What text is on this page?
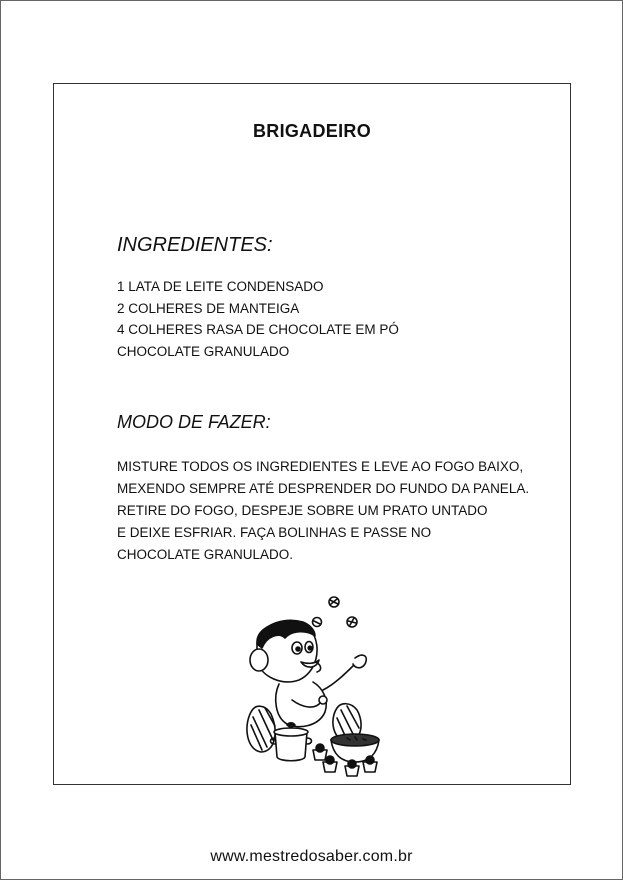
BRIGADEIRO
INGREDIENTES:
1 LATA DE LEITE CONDENSADO
2 COLHERES DE MANTEIGA
4 COLHERES RASA DE CHOCOLATE EM PÓ
CHOCOLATE GRANULADO
MODO DE FAZER:
MISTURE TODOS OS INGREDIENTES E LEVE AO FOGO BAIXO,
MEXENDO SEMPRE ATÉ DESPRENDER DO FUNDO DA PANELA.
RETIRE DO FOGO, DESPEJE SOBRE UM PRATO UNTADO
E DEIXE ESFRIAR. FAÇA BOLINHAS E PASSE NO
CHOCOLATE GRANULADO.
www.mestredosaber.com.br
